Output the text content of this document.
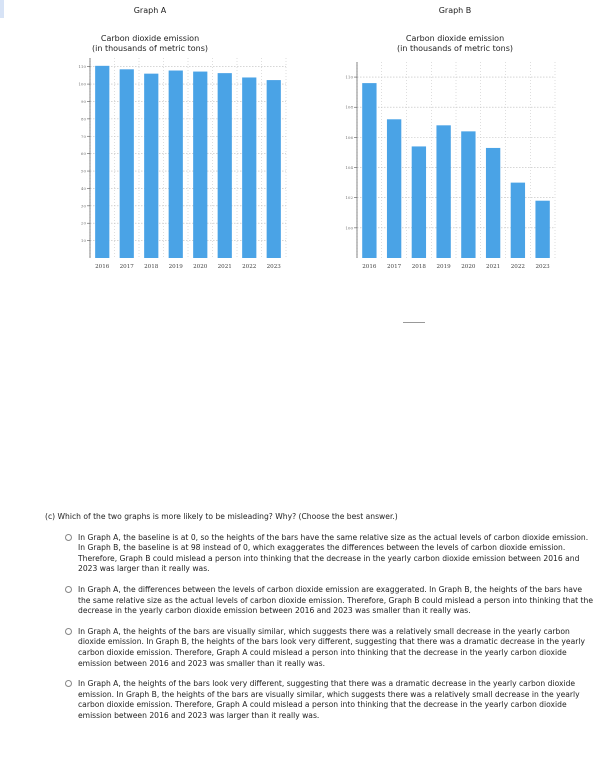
Graph A
Carbon dioxide emission
(in thousands of metric tons)
10
20
30
40
50
60
70
80
90
100
110
2016 2017 2018 2019 2020 2021 2022 2023
Graph B
Carbon dioxide emission
(in thousands of metric tons)
100
102
104
106
108
110
2016 2017 2018 2019 2020 2021 2022 2023
(c) Which of the two graphs is more likely to be misleading? Why? (Choose the best answer.)
In Graph A, the baseline is at 0, so the heights of the bars have the same relative size as the actual levels of carbon dioxide emission. In Graph B, the baseline is at 98 instead of 0, which exaggerates the differences between the levels of carbon dioxide emission. Therefore, Graph B could mislead a person into thinking that the decrease in the yearly carbon dioxide emission between 2016 and 2023 was larger than it really was.
In Graph A, the differences between the levels of carbon dioxide emission are exaggerated. In Graph B, the heights of the bars have the same relative size as the actual levels of carbon dioxide emission. Therefore, Graph B could mislead a person into thinking that the decrease in the yearly carbon dioxide emission between 2016 and 2023 was smaller than it really was.
In Graph A, the heights of the bars are visually similar, which suggests there was a relatively small decrease in the yearly carbon dioxide emission. In Graph B, the heights of the bars look very different, suggesting that there was a dramatic decrease in the yearly carbon dioxide emission. Therefore, Graph A could mislead a person into thinking that the decrease in the yearly carbon dioxide emission between 2016 and 2023 was smaller than it really was.
In Graph A, the heights of the bars look very different, suggesting that there was a dramatic decrease in the yearly carbon dioxide emission. In Graph B, the heights of the bars are visually similar, which suggests there was a relatively small decrease in the yearly carbon dioxide emission. Therefore, Graph A could mislead a person into thinking that the decrease in the yearly carbon dioxide emission between 2016 and 2023 was larger than it really was.
